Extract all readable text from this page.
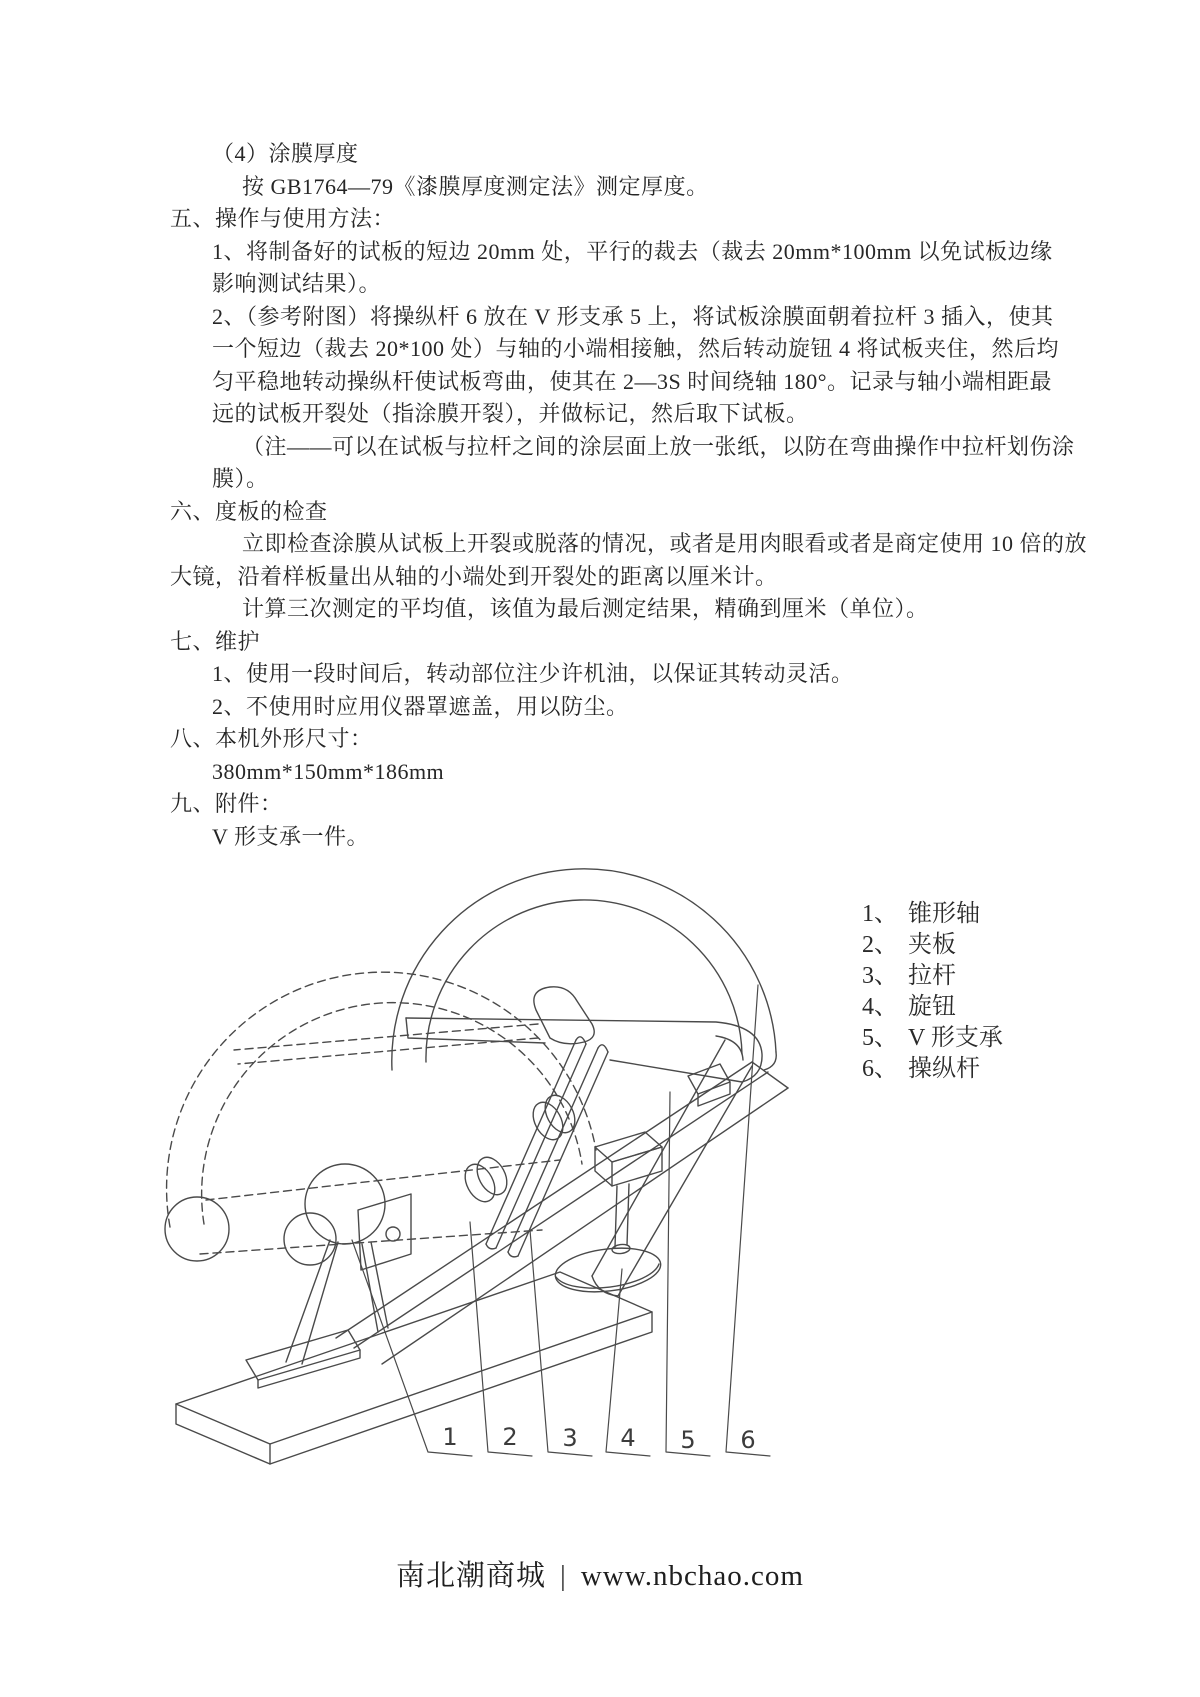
（4）涂膜厚度
按 GB1764—79《漆膜厚度测定法》测定厚度。
五、操作与使用方法：
1、将制备好的试板的短边 20mm 处，平行的裁去（裁去 20mm*100mm 以免试板边缘
影响测试结果）。
2、（参考附图）将操纵杆 6 放在 V 形支承 5 上，将试板涂膜面朝着拉杆 3 插入，使其
一个短边（裁去 20*100 处）与轴的小端相接触，然后转动旋钮 4 将试板夹住，然后均
匀平稳地转动操纵杆使试板弯曲，使其在 2—3S 时间绕轴 180°。记录与轴小端相距最
远的试板开裂处（指涂膜开裂），并做标记，然后取下试板。
（注——可以在试板与拉杆之间的涂层面上放一张纸，以防在弯曲操作中拉杆划伤涂
膜）。
六、度板的检查
立即检查涂膜从试板上开裂或脱落的情况，或者是用肉眼看或者是商定使用 10 倍的放
大镜，沿着样板量出从轴的小端处到开裂处的距离以厘米计。
计算三次测定的平均值，该值为最后测定结果，精确到厘米（单位）。
七、维护
1、使用一段时间后，转动部位注少许机油，以保证其转动灵活。
2、不使用时应用仪器罩遮盖，用以防尘。
八、本机外形尺寸：
380mm*150mm*186mm
九、附件：
V 形支承一件。
1、 锥形轴
2、 夹板
3、 拉杆
4、 旋钮
5、 V 形支承
6、 操纵杆
1 2 3 4 5 6
南北潮商城 | www.nbchao.com
